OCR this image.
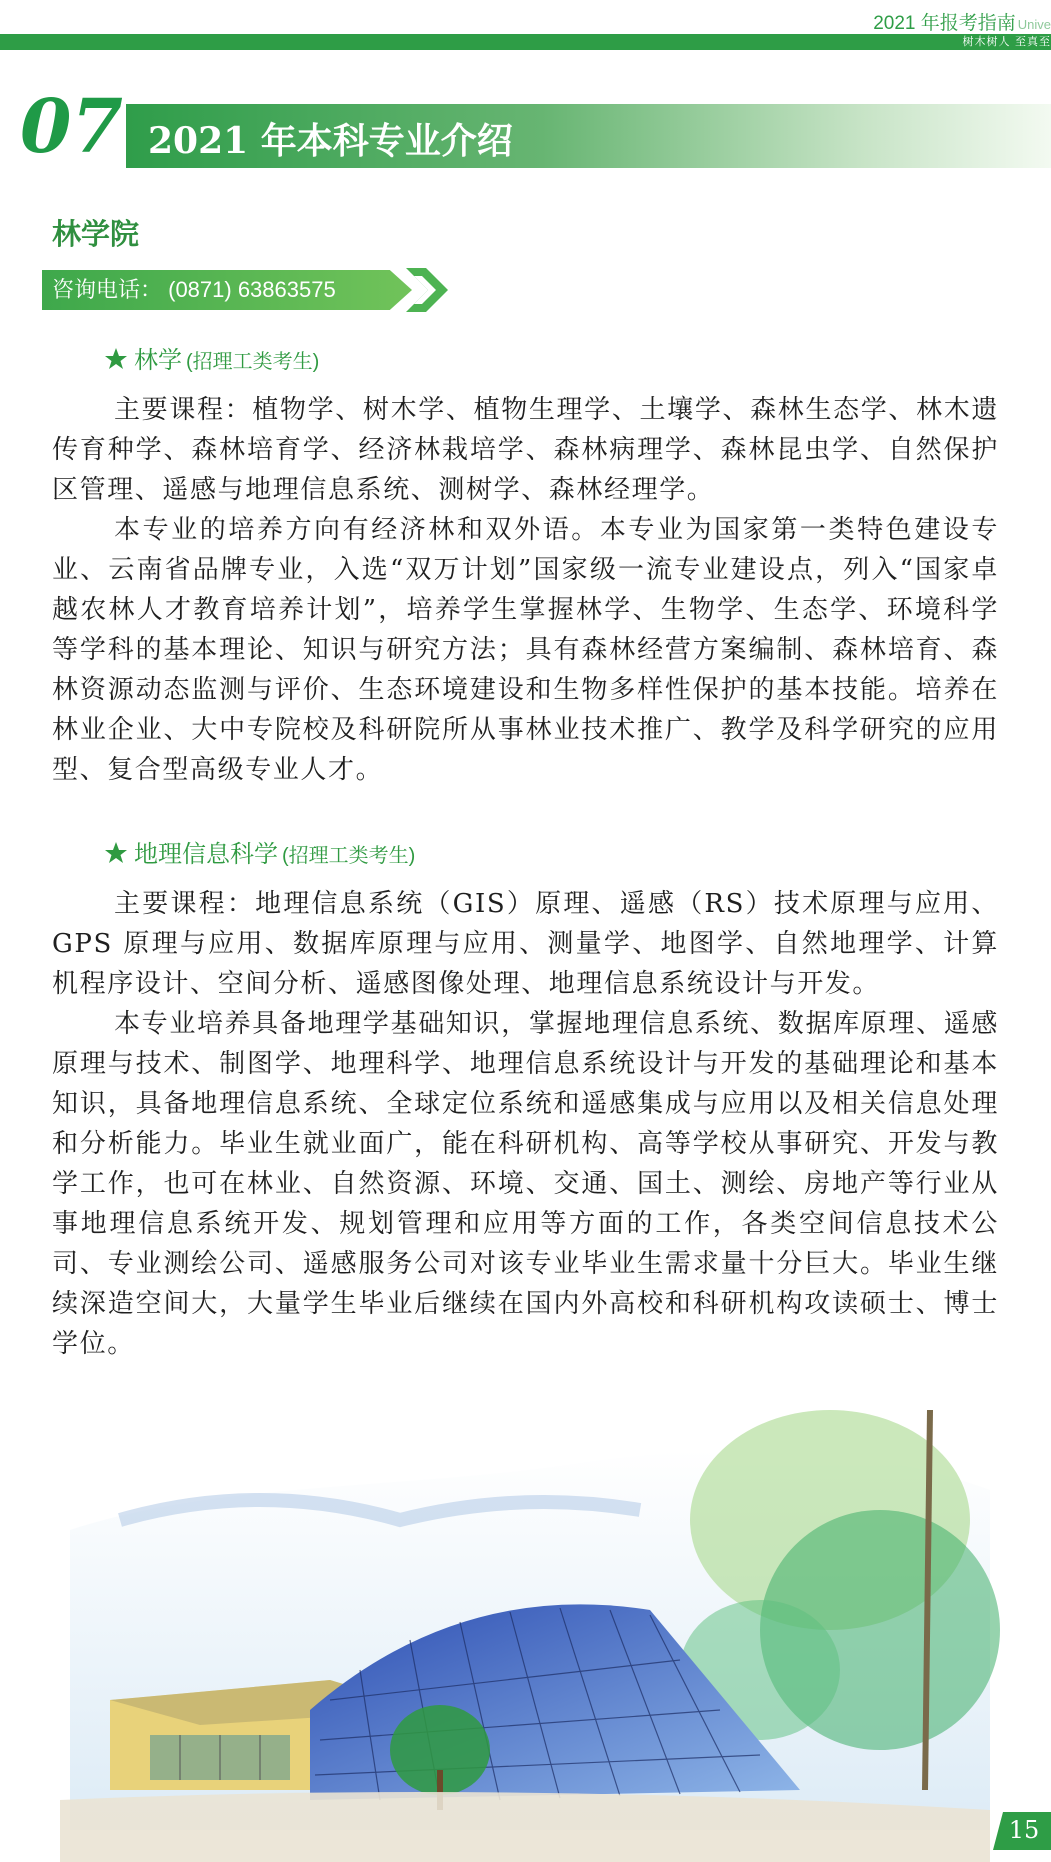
2021 年报考指南 Unive
树木树人 至真至
07 2021 年本科专业介绍
林学院
咨询电话： (0871) 63863575
林学 (招理工类考生)

主要课程：植物学、树木学、植物生理学、土壤学、森林生态学、林木遗传育种学、森林培育学、经济林栽培学、森林病理学、森林昆虫学、自然保护区管理、遥感与地理信息系统、测树学、森林经理学。

本专业的培养方向有经济林和双外语。本专业为国家第一类特色建设专业、云南省品牌专业，入选“双万计划”国家级一流专业建设点，列入“国家卓越农林人才教育培养计划”，培养学生掌握林学、生物学、生态学、环境科学等学科的基本理论、知识与研究方法；具有森林经营方案编制、森林培育、森林资源动态监测与评价、生态环境建设和生物多样性保护的基本技能。培养在林业企业、大中专院校及科研院所从事林业技术推广、教学及科学研究的应用型、复合型高级专业人才。

地理信息科学 (招理工类考生)

主要课程：地理信息系统（GIS）原理、遥感（RS）技术原理与应用、GPS 原理与应用、数据库原理与应用、测量学、地图学、自然地理学、计算机程序设计、空间分析、遥感图像处理、地理信息系统设计与开发。

本专业培养具备地理学基础知识，掌握地理信息系统、数据库原理、遥感原理与技术、制图学、地理科学、地理信息系统设计与开发的基础理论和基本知识，具备地理信息系统、全球定位系统和遥感集成与应用以及相关信息处理和分析能力。毕业生就业面广，能在科研机构、高等学校从事研究、开发与教学工作，也可在林业、自然资源、环境、交通、国土、测绘、房地产等行业从事地理信息系统开发、规划管理和应用等方面的工作，各类空间信息技术公司、专业测绘公司、遥感服务公司对该专业毕业生需求量十分巨大。毕业生继续深造空间大，大量学生毕业后继续在国内外高校和科研机构攻读硕士、博士学位。

15
